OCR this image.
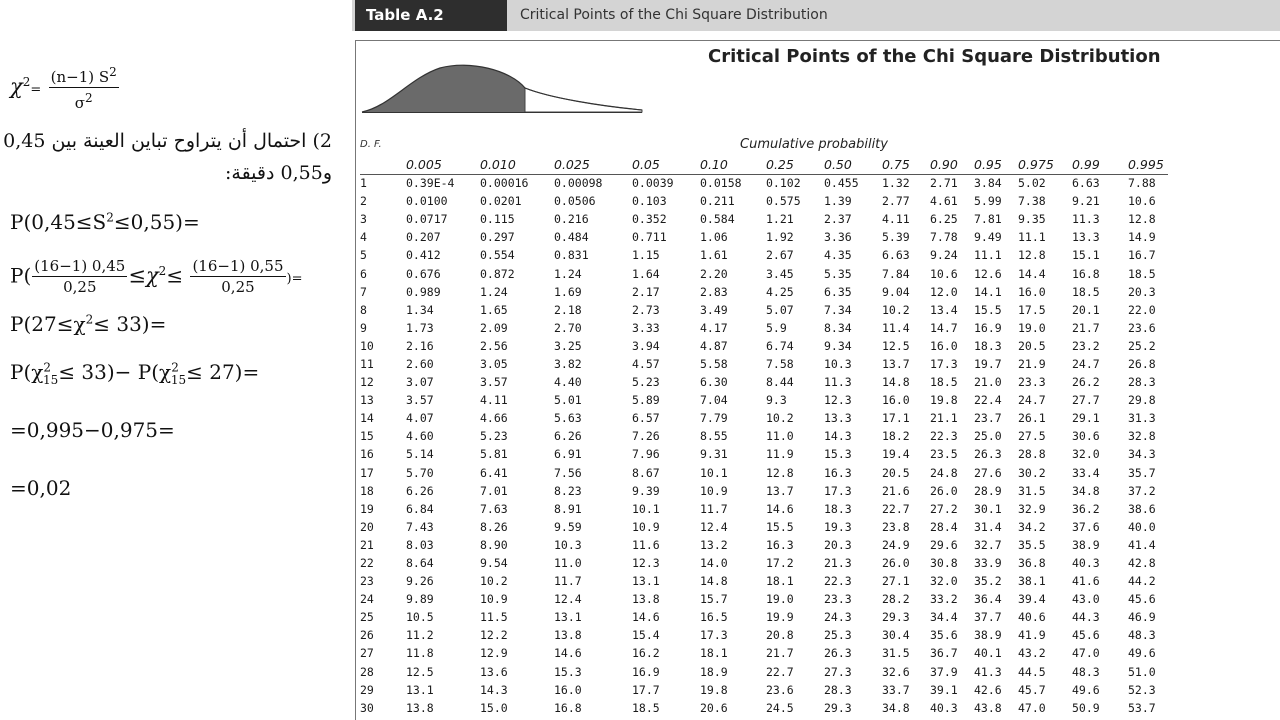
$\chi^2= \frac{(n-1) S^2}{\sigma^2}$
2) احتمال أن يتراوح تباين العينة بين 0,45
و0,55 دقيقة:
$P(0,45\le S^2\le 0,55)=$
$P( \frac{(16-1) 0,45}{0,25} \le\chi^2\le \frac{(16-1) 0,55}{0,25}$ )=
$P(27\le\chi^2\le 33)=$
$P(\chi^2_{15}\le 33)- P(\chi^2_{15}\le 27)=$
=0,995−0,975=
=0,02
Table A.2	Critical Points of the Chi Square Distribution
Critical Points of the Chi Square Distribution
D. F.	Cumulative probability
	0.005	0.010	0.025	0.05	0.10	0.25	0.50	0.75	0.90	0.95	0.975	0.99	0.995
1	0.39E-4	0.00016	0.00098	0.0039	0.0158	0.102	0.455	1.32	2.71	3.84	5.02	6.63	7.88
2	0.0100	0.0201	0.0506	0.103	0.211	0.575	1.39	2.77	4.61	5.99	7.38	9.21	10.6
3	0.0717	0.115	0.216	0.352	0.584	1.21	2.37	4.11	6.25	7.81	9.35	11.3	12.8
4	0.207	0.297	0.484	0.711	1.06	1.92	3.36	5.39	7.78	9.49	11.1	13.3	14.9
5	0.412	0.554	0.831	1.15	1.61	2.67	4.35	6.63	9.24	11.1	12.8	15.1	16.7
6	0.676	0.872	1.24	1.64	2.20	3.45	5.35	7.84	10.6	12.6	14.4	16.8	18.5
7	0.989	1.24	1.69	2.17	2.83	4.25	6.35	9.04	12.0	14.1	16.0	18.5	20.3
8	1.34	1.65	2.18	2.73	3.49	5.07	7.34	10.2	13.4	15.5	17.5	20.1	22.0
9	1.73	2.09	2.70	3.33	4.17	5.9	8.34	11.4	14.7	16.9	19.0	21.7	23.6
10	2.16	2.56	3.25	3.94	4.87	6.74	9.34	12.5	16.0	18.3	20.5	23.2	25.2
11	2.60	3.05	3.82	4.57	5.58	7.58	10.3	13.7	17.3	19.7	21.9	24.7	26.8
12	3.07	3.57	4.40	5.23	6.30	8.44	11.3	14.8	18.5	21.0	23.3	26.2	28.3
13	3.57	4.11	5.01	5.89	7.04	9.3	12.3	16.0	19.8	22.4	24.7	27.7	29.8
14	4.07	4.66	5.63	6.57	7.79	10.2	13.3	17.1	21.1	23.7	26.1	29.1	31.3
15	4.60	5.23	6.26	7.26	8.55	11.0	14.3	18.2	22.3	25.0	27.5	30.6	32.8
16	5.14	5.81	6.91	7.96	9.31	11.9	15.3	19.4	23.5	26.3	28.8	32.0	34.3
17	5.70	6.41	7.56	8.67	10.1	12.8	16.3	20.5	24.8	27.6	30.2	33.4	35.7
18	6.26	7.01	8.23	9.39	10.9	13.7	17.3	21.6	26.0	28.9	31.5	34.8	37.2
19	6.84	7.63	8.91	10.1	11.7	14.6	18.3	22.7	27.2	30.1	32.9	36.2	38.6
20	7.43	8.26	9.59	10.9	12.4	15.5	19.3	23.8	28.4	31.4	34.2	37.6	40.0
21	8.03	8.90	10.3	11.6	13.2	16.3	20.3	24.9	29.6	32.7	35.5	38.9	41.4
22	8.64	9.54	11.0	12.3	14.0	17.2	21.3	26.0	30.8	33.9	36.8	40.3	42.8
23	9.26	10.2	11.7	13.1	14.8	18.1	22.3	27.1	32.0	35.2	38.1	41.6	44.2
24	9.89	10.9	12.4	13.8	15.7	19.0	23.3	28.2	33.2	36.4	39.4	43.0	45.6
25	10.5	11.5	13.1	14.6	16.5	19.9	24.3	29.3	34.4	37.7	40.6	44.3	46.9
26	11.2	12.2	13.8	15.4	17.3	20.8	25.3	30.4	35.6	38.9	41.9	45.6	48.3
27	11.8	12.9	14.6	16.2	18.1	21.7	26.3	31.5	36.7	40.1	43.2	47.0	49.6
28	12.5	13.6	15.3	16.9	18.9	22.7	27.3	32.6	37.9	41.3	44.5	48.3	51.0
29	13.1	14.3	16.0	17.7	19.8	23.6	28.3	33.7	39.1	42.6	45.7	49.6	52.3
30	13.8	15.0	16.8	18.5	20.6	24.5	29.3	34.8	40.3	43.8	47.0	50.9	53.7
